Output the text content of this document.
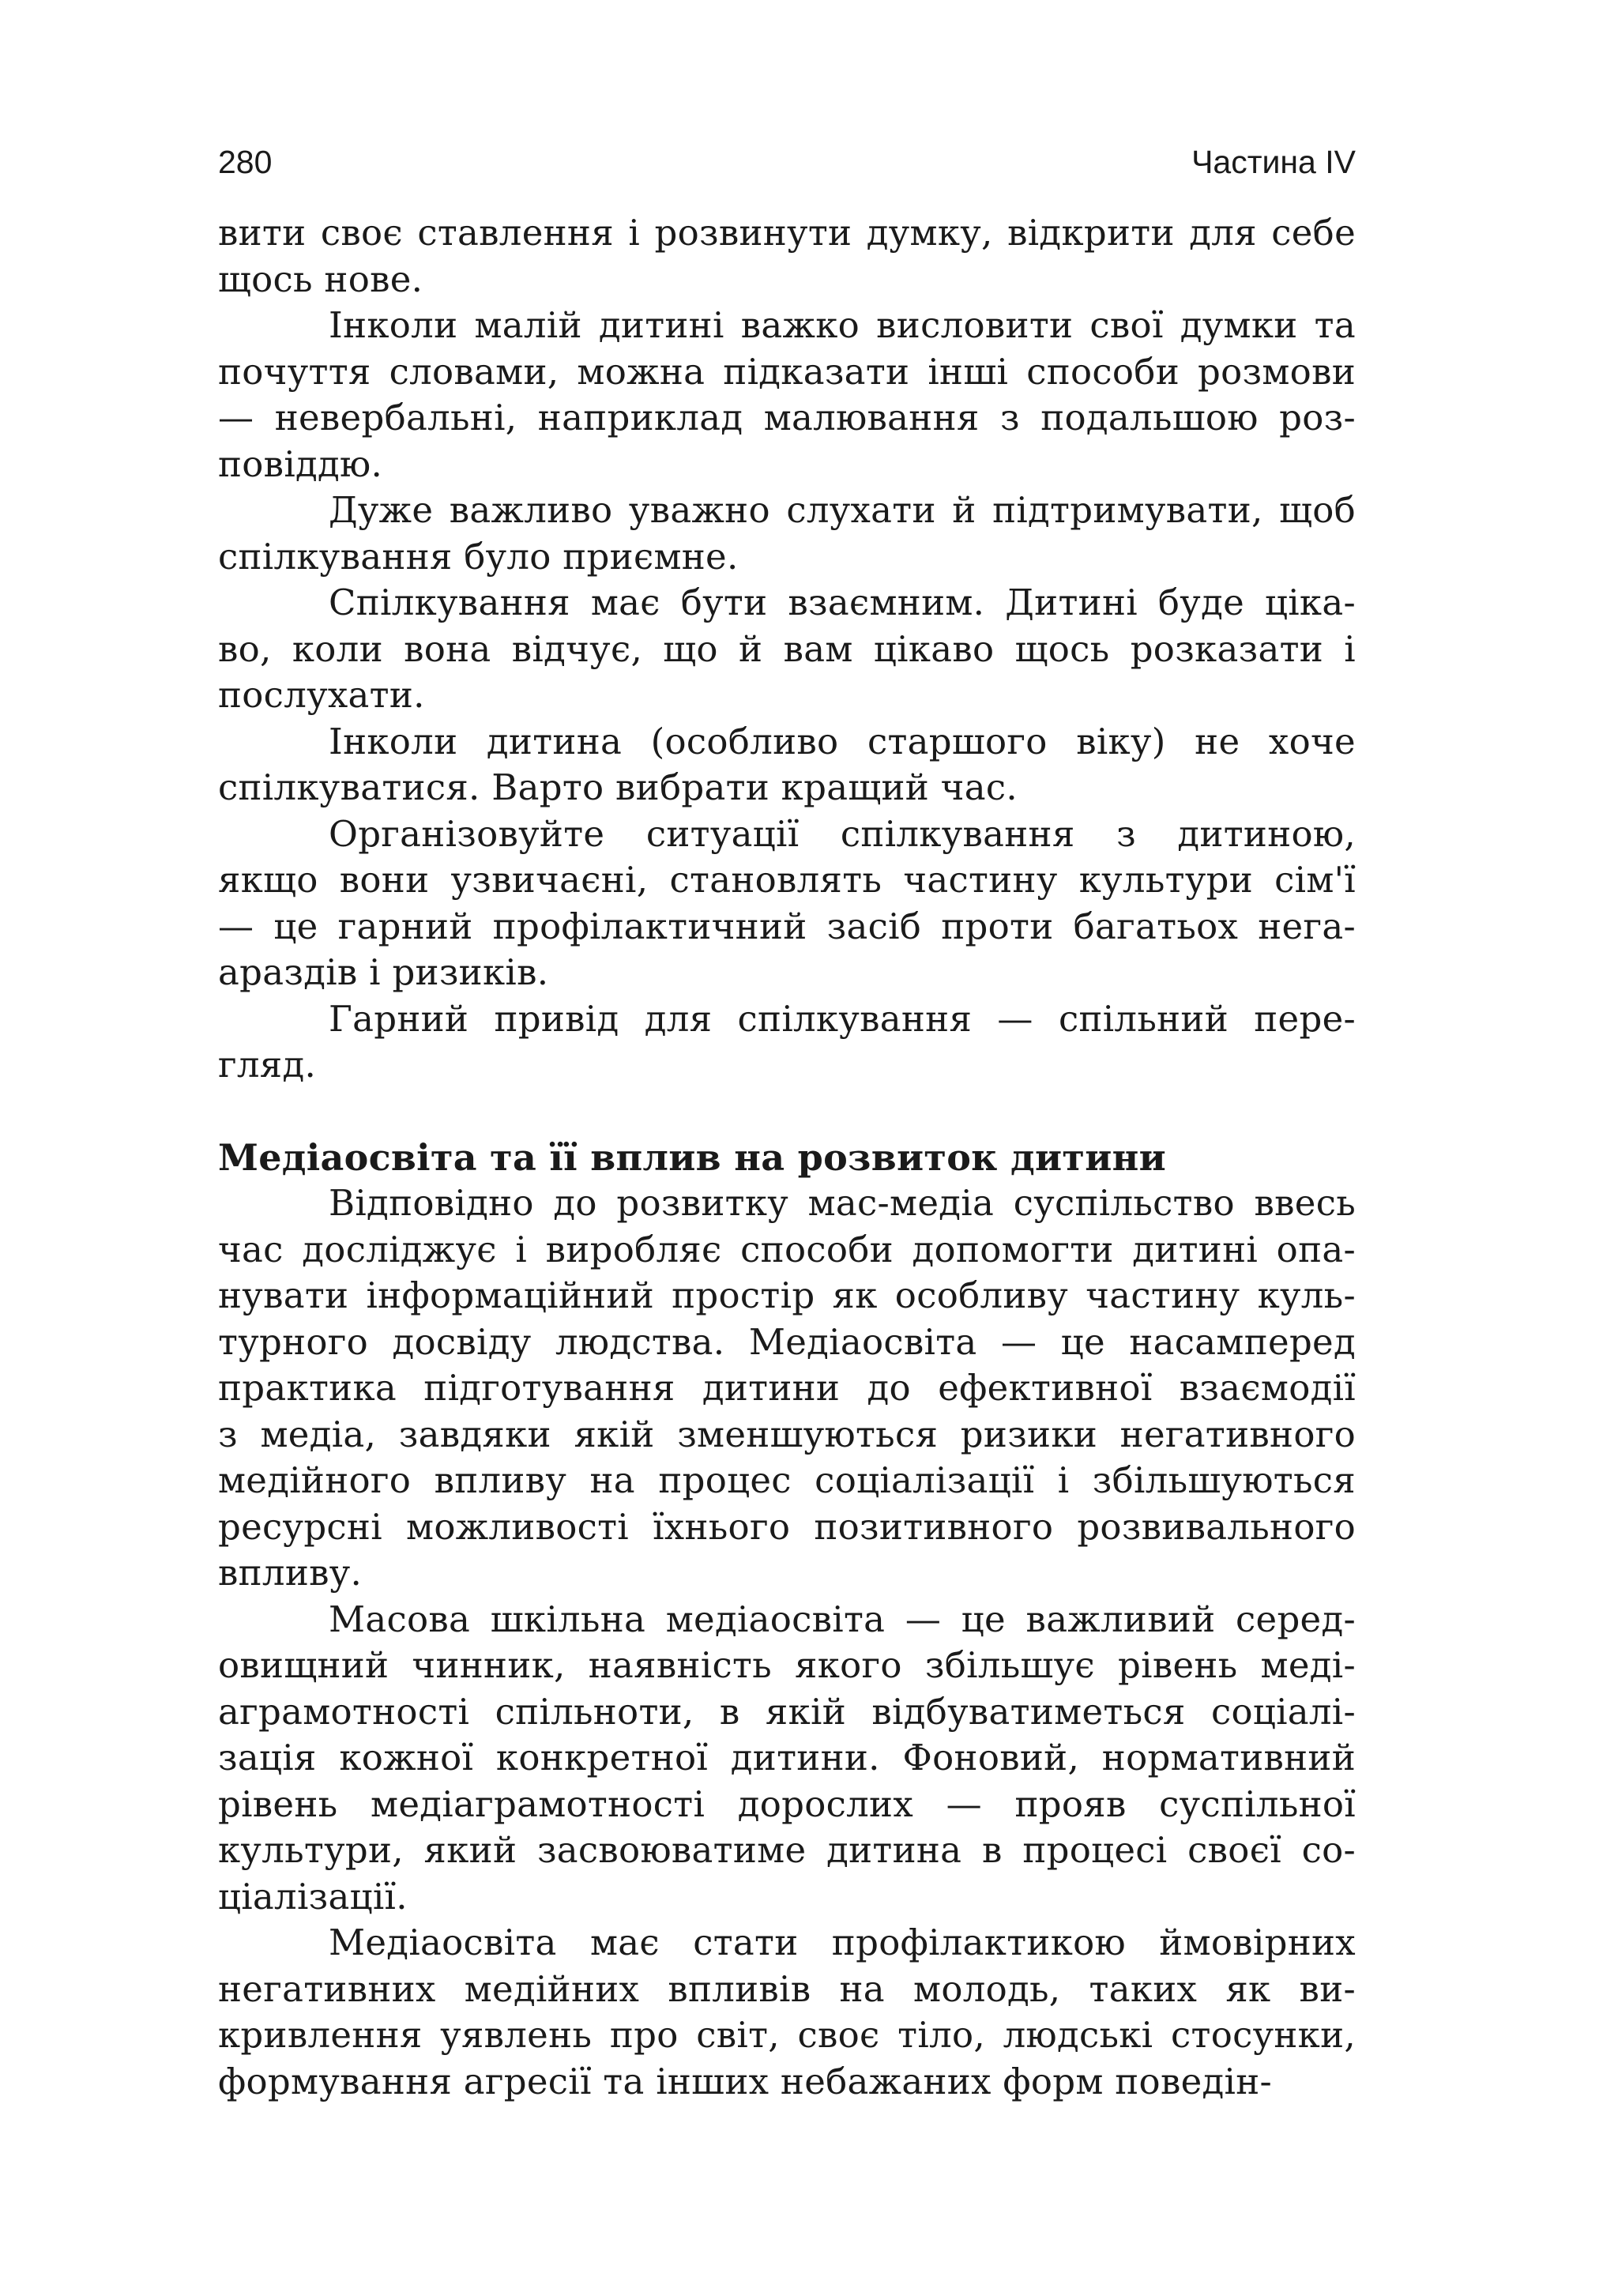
280	Частина IV
вити своє ставлення і розвинути думку, відкрити для себе
щось нове.
Інколи малій дитині важко висловити свої думки та
почуття словами, можна підказати інші способи розмови
— невербальні, наприклад малювання з подальшою роз-
повіддю.
Дуже важливо уважно слухати й підтримувати, щоб
спілкування було приємне.
Спілкування має бути взаємним. Дитині буде ціка-
во, коли вона відчує, що й вам цікаво щось розказати і
послухати.
Інколи дитина (особливо старшого віку) не хоче
спілкуватися. Варто вибрати кращий час.
Організовуйте ситуації спілкування з дитиною,
якщо вони узвичаєні, становлять частину культури сім'ї
— це гарний профілактичний засіб проти багатьох нега-
араздів і ризиків.
Гарний привід для спілкування — спільний пере-
гляд.
Медіаосвіта та її вплив на розвиток дитини
Відповідно до розвитку мас-медіа суспільство ввесь
час досліджує і виробляє способи допомогти дитині опа-
нувати інформаційний простір як особливу частину куль-
турного досвіду людства. Медіаосвіта — це насамперед
практика підготування дитини до ефективної взаємодії
з медіа, завдяки якій зменшуються ризики негативного
медійного впливу на процес соціалізації і збільшуються
ресурсні можливості їхнього позитивного розвивального
впливу.
Масова шкільна медіаосвіта — це важливий серед-
овищний чинник, наявність якого збільшує рівень меді-
аграмотності спільноти, в якій відбуватиметься соціалі-
зація кожної конкретної дитини. Фоновий, нормативний
рівень медіаграмотності дорослих — прояв суспільної
культури, який засвоюватиме дитина в процесі своєї со-
ціалізації.
Медіаосвіта має стати профілактикою ймовірних
негативних медійних впливів на молодь, таких як ви-
кривлення уявлень про світ, своє тіло, людські стосунки,
формування агресії та інших небажаних форм поведін-
